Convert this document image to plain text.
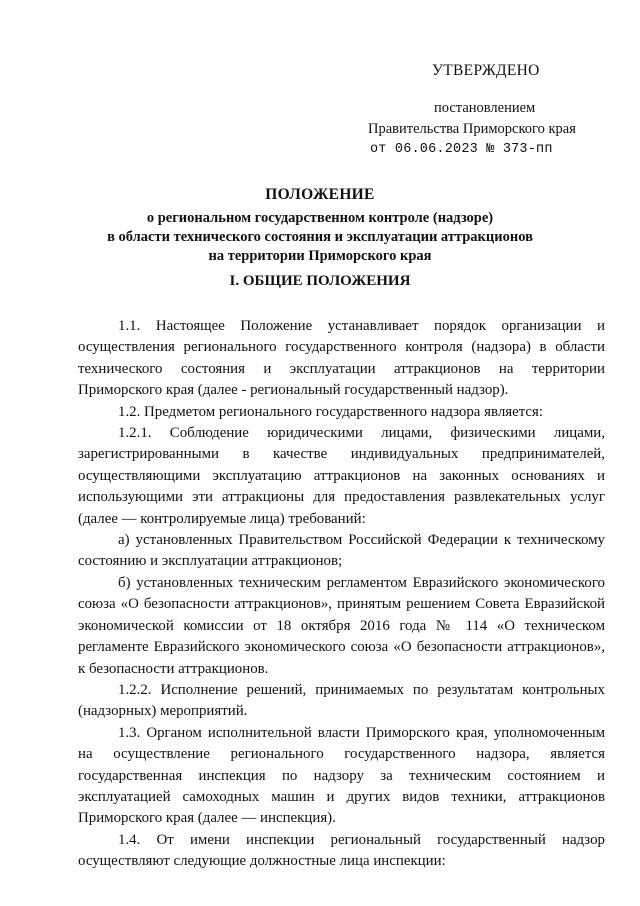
УТВЕРЖДЕНО
постановлением
Правительства Приморского края
от 06.06.2023 № 373-пп
ПОЛОЖЕНИЕ
о региональном государственном контроле (надзоре)
в области технического состояния и эксплуатации аттракционов
на территории Приморского края
I. ОБЩИЕ ПОЛОЖЕНИЯ

1.1. Настоящее Положение устанавливает порядок организации и осуществления регионального государственного контроля (надзора) в области технического состояния и эксплуатации аттракционов на территории Приморского края (далее - региональный государственный надзор).

1.2. Предметом регионального государственного надзора является:

1.2.1. Соблюдение юридическими лицами, физическими лицами, зарегистрированными в качестве индивидуальных предпринимателей, осуществляющими эксплуатацию аттракционов на законных основаниях и использующими эти аттракционы для предоставления развлекательных услуг (далее — контролируемые лица) требований:

а) установленных Правительством Российской Федерации к техническому состоянию и эксплуатации аттракционов;

б) установленных техническим регламентом Евразийского экономического союза «О безопасности аттракционов», принятым решением Совета Евразийской экономической комиссии от 18 октября 2016 года № 114 «О техническом регламенте Евразийского экономического союза «О безопасности аттракционов», к безопасности аттракционов.

1.2.2. Исполнение решений, принимаемых по результатам контрольных (надзорных) мероприятий.

1.3. Органом исполнительной власти Приморского края, уполномоченным на осуществление регионального государственного надзора, является государственная инспекция по надзору за техническим состоянием и эксплуатацией самоходных машин и других видов техники, аттракционов Приморского края (далее — инспекция).

1.4. От имени инспекции региональный государственный надзор осуществляют следующие должностные лица инспекции:
